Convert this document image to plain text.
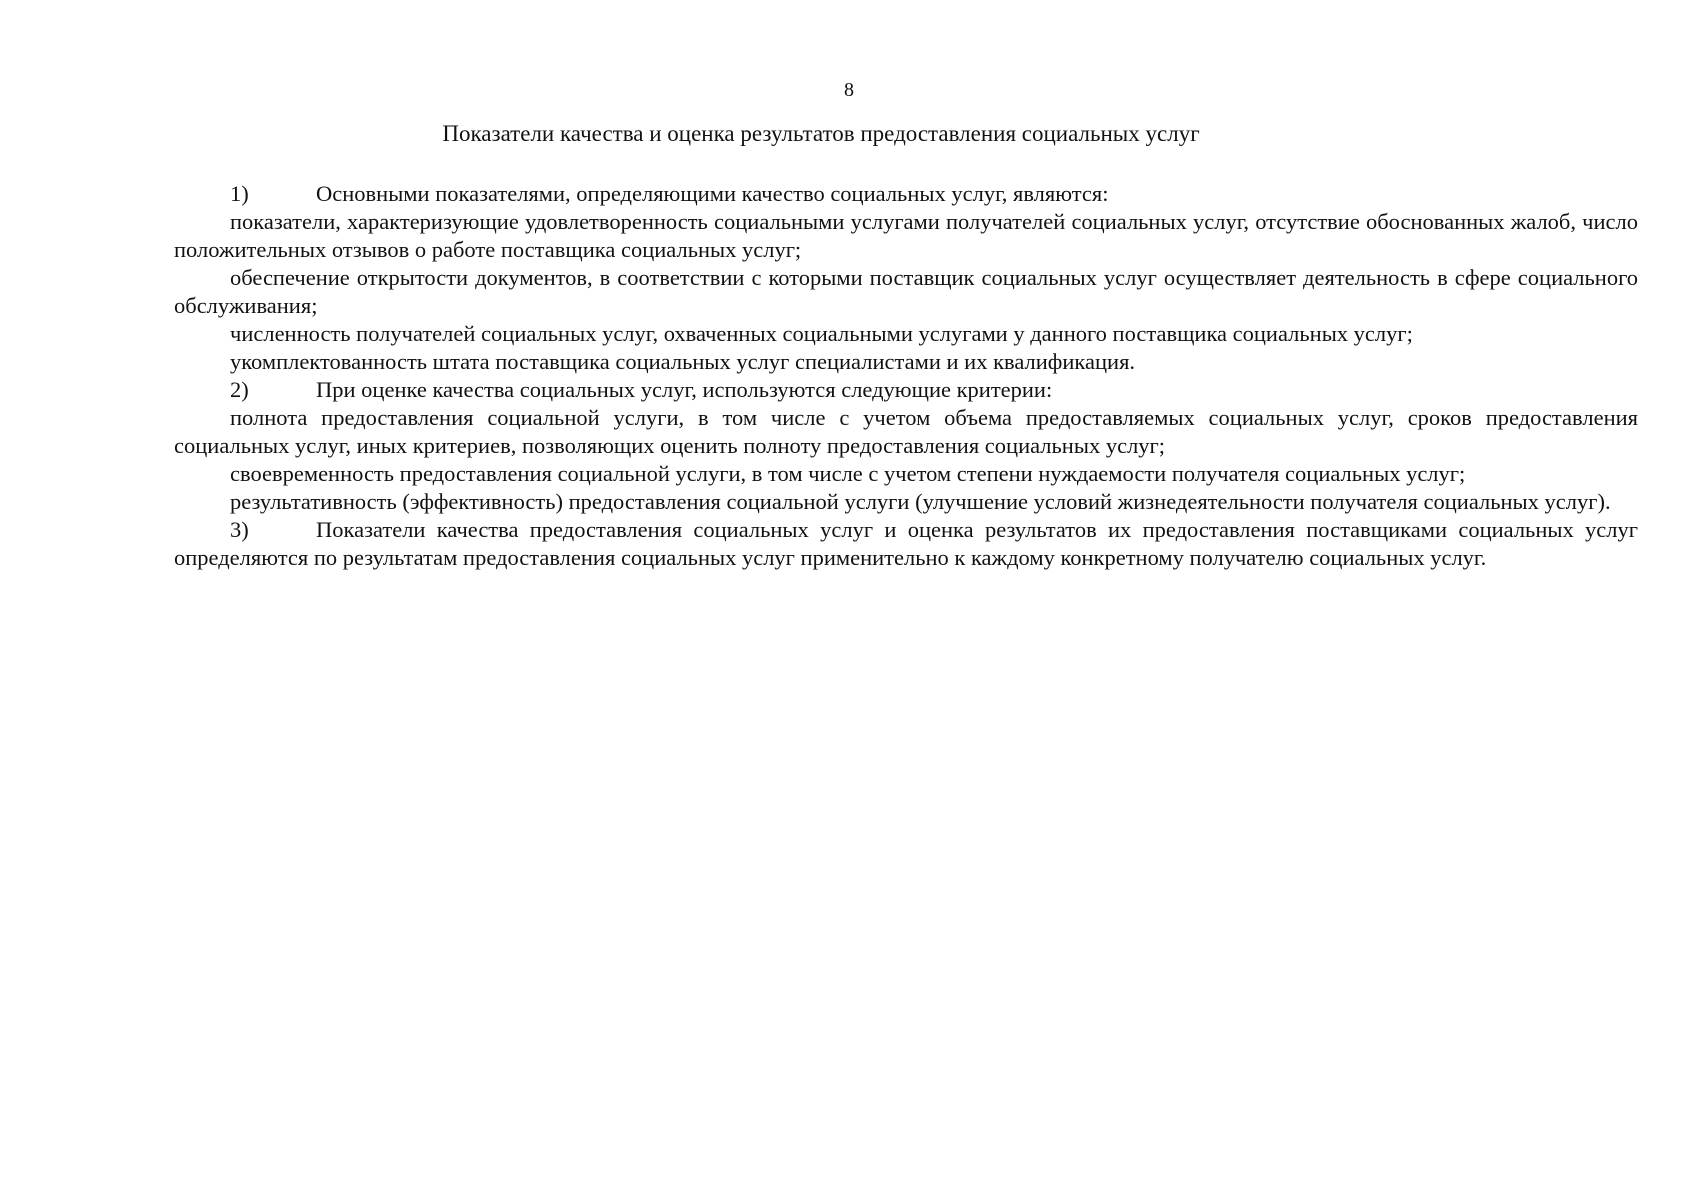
8
Показатели качества и оценка результатов предоставления социальных услуг

1)	Основными показателями, определяющими качество социальных услуг, являются:

показатели, характеризующие удовлетворенность социальными услугами получателей социальных услуг, отсутствие обоснованных жалоб, число положительных отзывов о работе поставщика социальных услуг;

обеспечение открытости документов, в соответствии с которыми поставщик социальных услуг осуществляет деятельность в сфере социального обслуживания;

численность получателей социальных услуг, охваченных социальными услугами у данного поставщика социальных услуг;

укомплектованность штата поставщика социальных услуг специалистами и их квалификация.

2)	При оценке качества социальных услуг, используются следующие критерии:

полнота предоставления социальной услуги, в том числе с учетом объема предоставляемых социальных услуг, сроков предоставления социальных услуг, иных критериев, позволяющих оценить полноту предоставления социальных услуг;

своевременность предоставления социальной услуги, в том числе с учетом степени нуждаемости получателя социальных услуг;

результативность (эффективность) предоставления социальной услуги (улучшение условий жизнедеятельности получателя социальных услуг).

3)	Показатели качества предоставления социальных услуг и оценка результатов их предоставления поставщиками социальных услуг определяются по результатам предоставления социальных услуг применительно к каждому конкретному получателю социальных услуг.
